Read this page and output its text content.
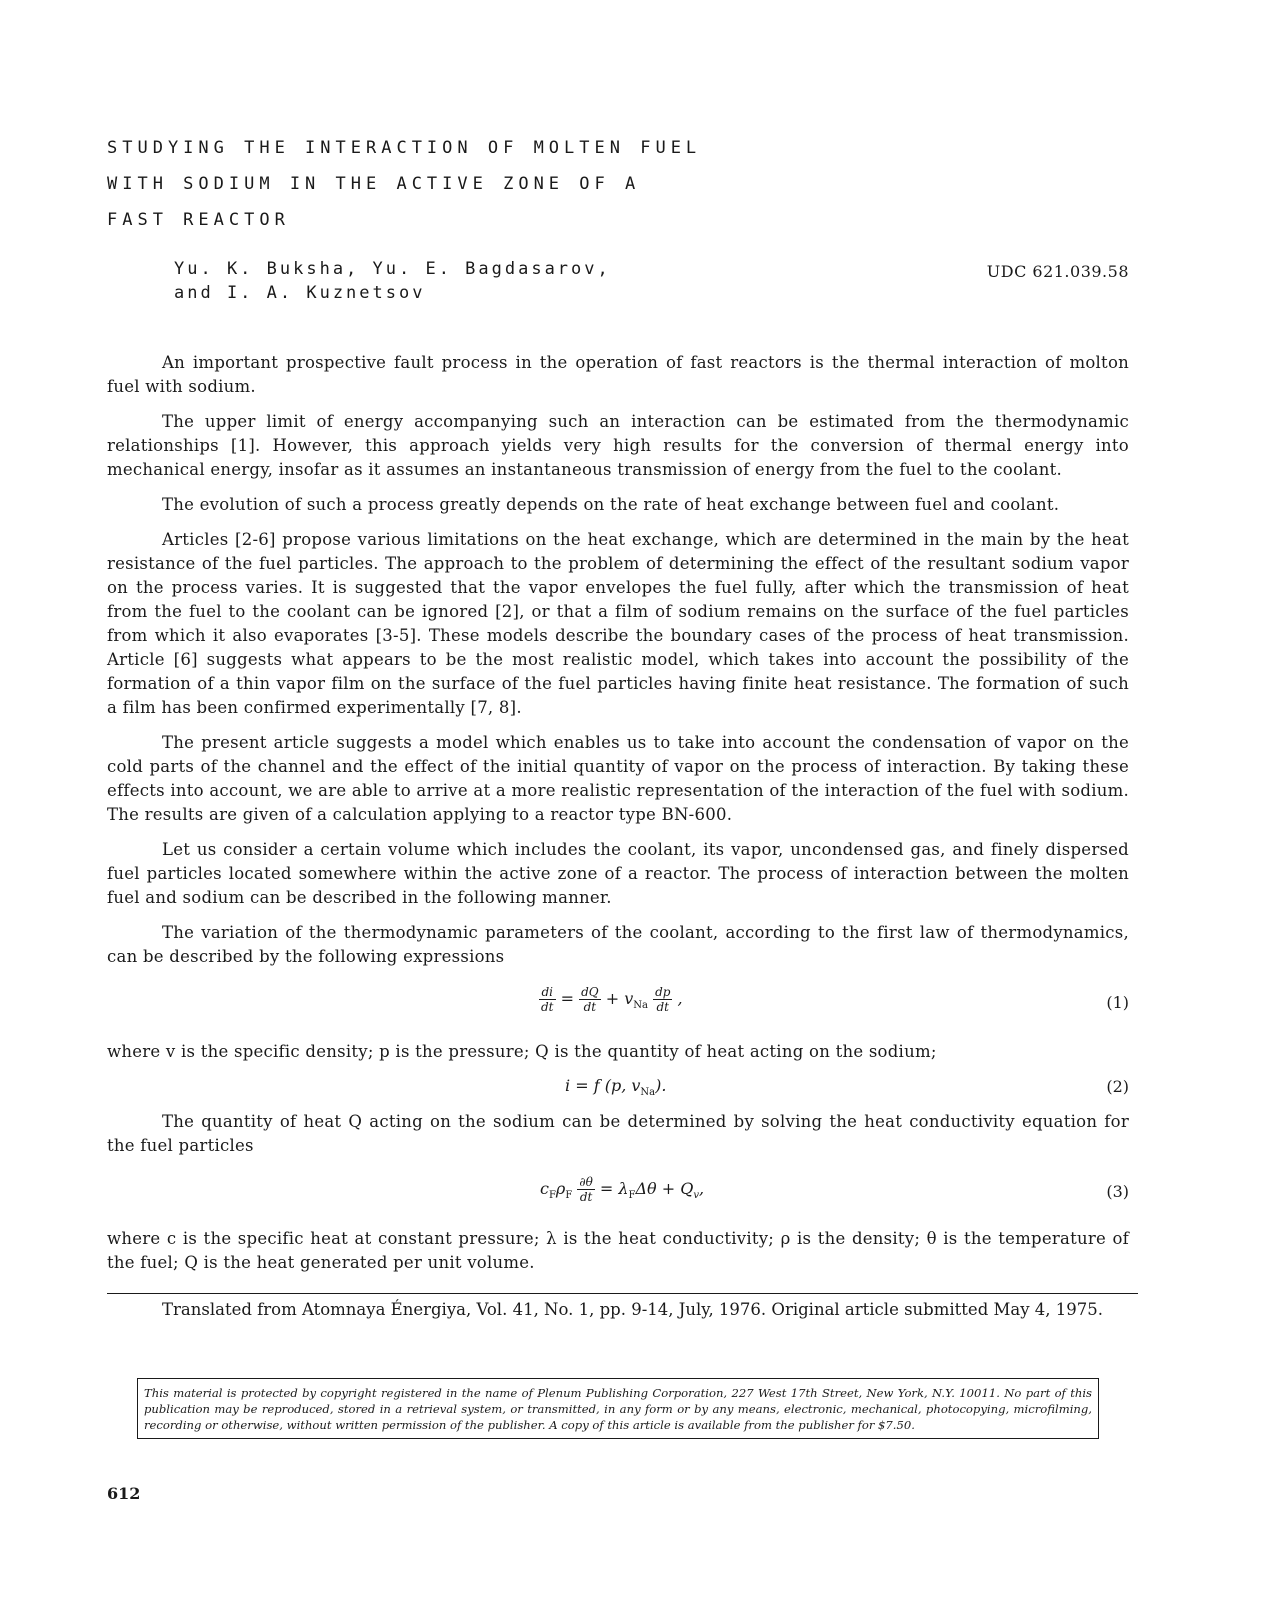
STUDYING THE INTERACTION OF MOLTEN FUEL
WITH SODIUM IN THE ACTIVE ZONE OF A
FAST REACTOR
Yu. K. Buksha, Yu. E. Bagdasarov,
and I. A. Kuznetsov
UDC 621.039.58

An important prospective fault process in the operation of fast reactors is the thermal interaction of molton fuel with sodium.

The upper limit of energy accompanying such an interaction can be estimated from the thermodynamic relationships [1]. However, this approach yields very high results for the conversion of thermal energy into mechanical energy, insofar as it assumes an instantaneous transmission of energy from the fuel to the coolant.

The evolution of such a process greatly depends on the rate of heat exchange between fuel and coolant.

Articles [2-6] propose various limitations on the heat exchange, which are determined in the main by the heat resistance of the fuel particles. The approach to the problem of determining the effect of the resultant sodium vapor on the process varies. It is suggested that the vapor envelopes the fuel fully, after which the transmission of heat from the fuel to the coolant can be ignored [2], or that a film of sodium remains on the surface of the fuel particles from which it also evaporates [3-5]. These models describe the boundary cases of the process of heat transmission. Article [6] suggests what appears to be the most realistic model, which takes into account the possibility of the formation of a thin vapor film on the surface of the fuel particles having finite heat resistance. The formation of such a film has been confirmed experimentally [7, 8].

The present article suggests a model which enables us to take into account the condensation of vapor on the cold parts of the channel and the effect of the initial quantity of vapor on the process of interaction. By taking these effects into account, we are able to arrive at a more realistic representation of the interaction of the fuel with sodium. The results are given of a calculation applying to a reactor type BN-600.

Let us consider a certain volume which includes the coolant, its vapor, uncondensed gas, and finely dispersed fuel particles located somewhere within the active zone of a reactor. The process of interaction between the molten fuel and sodium can be described in the following manner.

The variation of the thermodynamic parameters of the coolant, according to the first law of thermodynamics, can be described by the following expressions

$\frac{di}{dt} = \frac{dQ}{dt} + v_{Na} \frac{dp}{dt}$ ,	(1)

where v is the specific density; p is the pressure; Q is the quantity of heat acting on the sodium;

i = f (p, $v_{Na}$).	(2)

The quantity of heat Q acting on the sodium can be determined by solving the heat conductivity equation for the fuel particles

$c_F\rho_F \frac{\partial\theta}{dt} = \lambda_F\Delta\theta + Q_v$,	(3)

where c is the specific heat at constant pressure; λ is the heat conductivity; ρ is the density; θ is the temperature of the fuel; Q is the heat generated per unit volume.

Translated from Atomnaya Énergiya, Vol. 41, No. 1, pp. 9-14, July, 1976. Original article submitted May 4, 1975.
This material is protected by copyright registered in the name of Plenum Publishing Corporation, 227 West 17th Street, New York, N.Y. 10011. No part of this publication may be reproduced, stored in a retrieval system, or transmitted, in any form or by any means, electronic, mechanical, photocopying, microfilming, recording or otherwise, without written permission of the publisher. A copy of this article is available from the publisher for $7.50.
612
